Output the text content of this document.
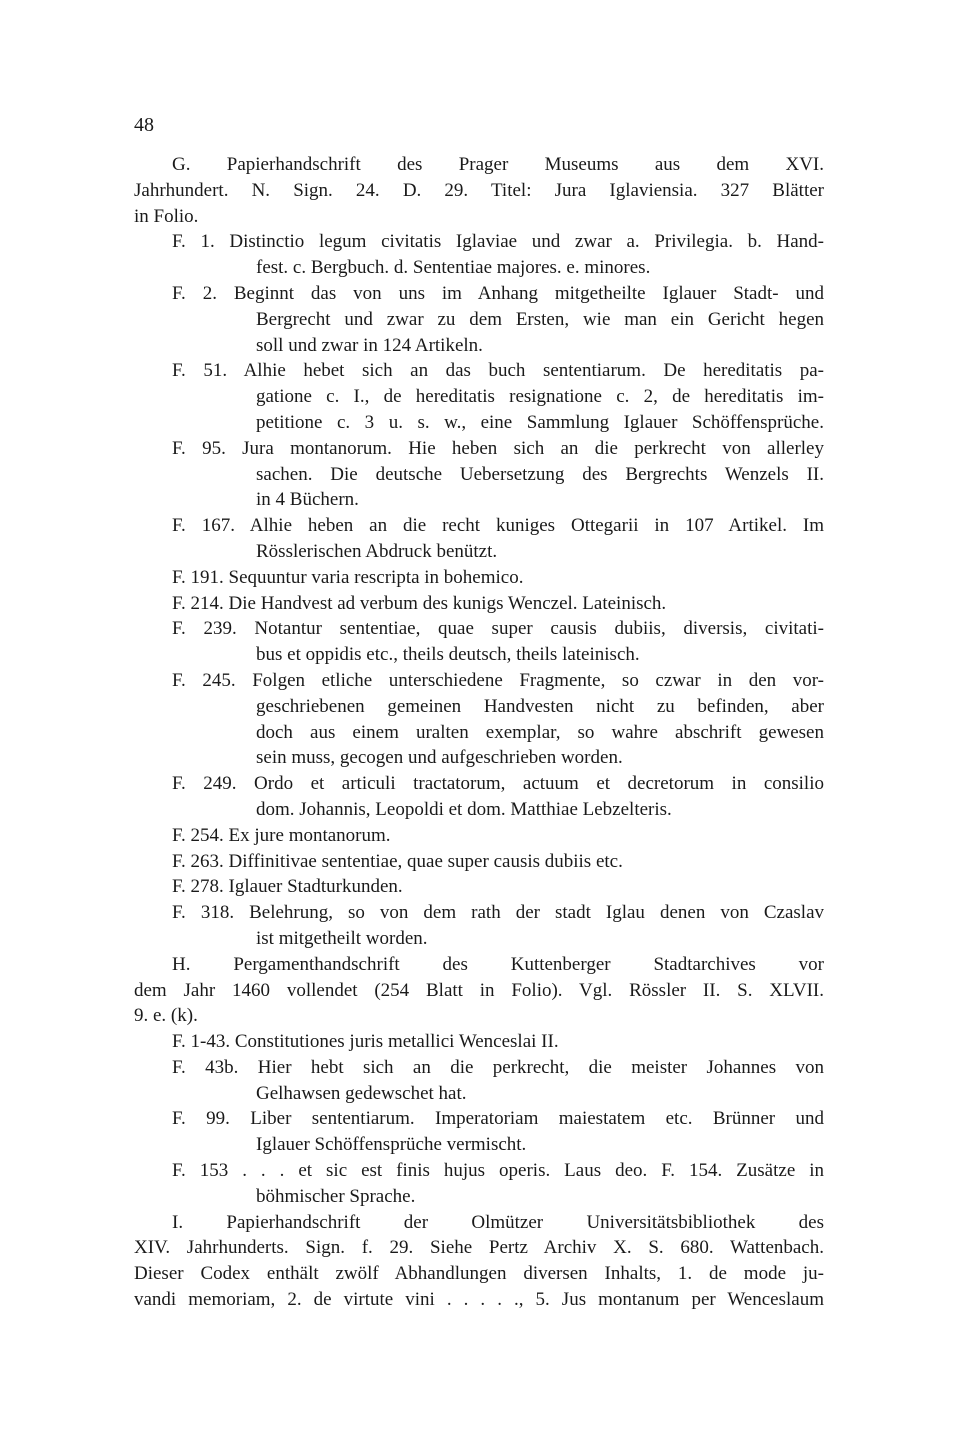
48
G. Papierhandschrift des Prager Museums aus dem XVI.
Jahrhundert. N. Sign. 24. D. 29. Titel: Jura Iglaviensia. 327 Blätter
in Folio.
F. 1. Distinctio legum civitatis Iglaviae und zwar a. Privilegia. b. Hand-
fest. c. Bergbuch. d. Sententiae majores. e. minores.
F. 2. Beginnt das von uns im Anhang mitgetheilte Iglauer Stadt- und
Bergrecht und zwar zu dem Ersten, wie man ein Gericht hegen
soll und zwar in 124 Artikeln.
F. 51. Alhie hebet sich an das buch sententiarum. De hereditatis pa-
gatione c. I., de hereditatis resignatione c. 2, de hereditatis im-
petitione c. 3 u. s. w., eine Sammlung Iglauer Schöffensprüche.
F. 95. Jura montanorum. Hie heben sich an die perkrecht von allerley
sachen. Die deutsche Uebersetzung des Bergrechts Wenzels II.
in 4 Büchern.
F. 167. Alhie heben an die recht kuniges Ottegarii in 107 Artikel. Im
Rösslerischen Abdruck benützt.
F. 191. Sequuntur varia rescripta in bohemico.
F. 214. Die Handvest ad verbum des kunigs Wenczel. Lateinisch.
F. 239. Notantur sententiae, quae super causis dubiis, diversis, civitati-
bus et oppidis etc., theils deutsch, theils lateinisch.
F. 245. Folgen etliche unterschiedene Fragmente, so czwar in den vor-
geschriebenen gemeinen Handvesten nicht zu befinden, aber
doch aus einem uralten exemplar, so wahre abschrift gewesen
sein muss, gecogen und aufgeschrieben worden.
F. 249. Ordo et articuli tractatorum, actuum et decretorum in consilio
dom. Johannis, Leopoldi et dom. Matthiae Lebzelteris.
F. 254. Ex jure montanorum.
F. 263. Diffinitivae sententiae, quae super causis dubiis etc.
F. 278. Iglauer Stadturkunden.
F. 318. Belehrung, so von dem rath der stadt Iglau denen von Czaslav
ist mitgetheilt worden.
H. Pergamenthandschrift des Kuttenberger Stadtarchives vor
dem Jahr 1460 vollendet (254 Blatt in Folio). Vgl. Rössler II. S. XLVII.
9. e. (k).
F. 1-43. Constitutiones juris metallici Wenceslai II.
F. 43b. Hier hebt sich an die perkrecht, die meister Johannes von
Gelhawsen gedewschet hat.
F. 99. Liber sententiarum. Imperatoriam maiestatem etc. Brünner und
Iglauer Schöffensprüche vermischt.
F. 153 . . . et sic est finis hujus operis. Laus deo. F. 154. Zusätze in
böhmischer Sprache.
I. Papierhandschrift der Olmützer Universitätsbibliothek des
XIV. Jahrhunderts. Sign. f. 29. Siehe Pertz Archiv X. S. 680. Wattenbach.
Dieser Codex enthält zwölf Abhandlungen diversen Inhalts, 1. de mode ju-
vandi memoriam, 2. de virtute vini . . . . ., 5. Jus montanum per Wenceslaum
